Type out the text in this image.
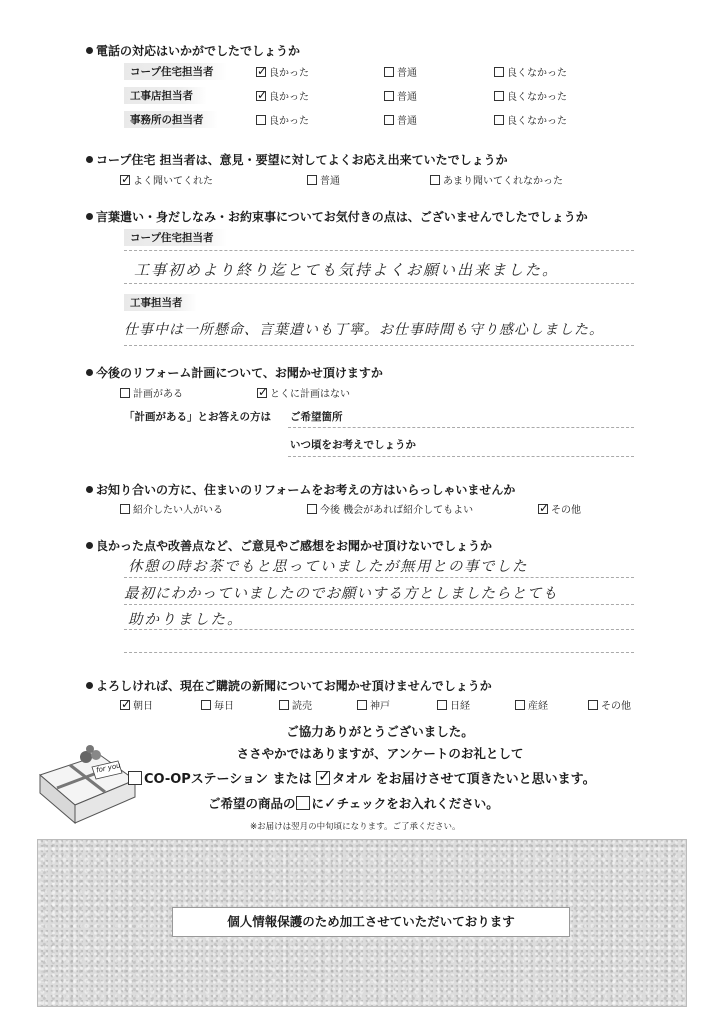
電話の対応はいかがでしたでしょうか
コープ住宅担当者 ✓	良かった	普通	良くなかった
工事店担当者 ✓	良かった	普通	良くなかった
事務所の担当者	良かった	普通	良くなかった
コープ住宅 担当者は、意見・要望に対してよくお応え出来ていたでしょうか
✓
よく聞いてくれた	普通	あまり聞いてくれなかった
言葉遣い・身だしなみ・お約束事についてお気付きの点は、ございませんでしたでしょうか
コープ住宅担当者
工事初めより終り迄とても気持よくお願い出来ました。
工事担当者
仕事中は一所懸命、言葉遣いも丁寧。お仕事時間も守り感心しました。
今後のリフォーム計画について、お聞かせ頂けますか
計画がある ✓	とくに計画はない
「計画がある」とお答えの方は ご希望箇所
いつ頃をお考えでしょうか
お知り合いの方に、住まいのリフォームをお考えの方はいらっしゃいませんか
紹介したい人がいる	今後 機会があれば紹介してもよい ✓	その他
良かった点や改善点など、ご意見やご感想をお聞かせ頂けないでしょうか
休憩の時お茶でもと思っていましたが無用との事でした
最初にわかっていましたのでお願いする方としましたらとても
助かりました。
よろしければ、現在ご購読の新聞についてお聞かせ頂けませんでしょうか
✓
朝日	毎日	読売	神戸	日経	産経	その他
for you
ご協力ありがとうございました。
ささやかではありますが、アンケートのお礼として
CO-OPステーション または ✓ タオル をお届けさせて頂きたいと思います。
ご希望の商品の に✓チェックをお入れください。
※お届けは翌月の中旬頃になります。ご了承ください。
個人情報保護のため加工させていただいております
